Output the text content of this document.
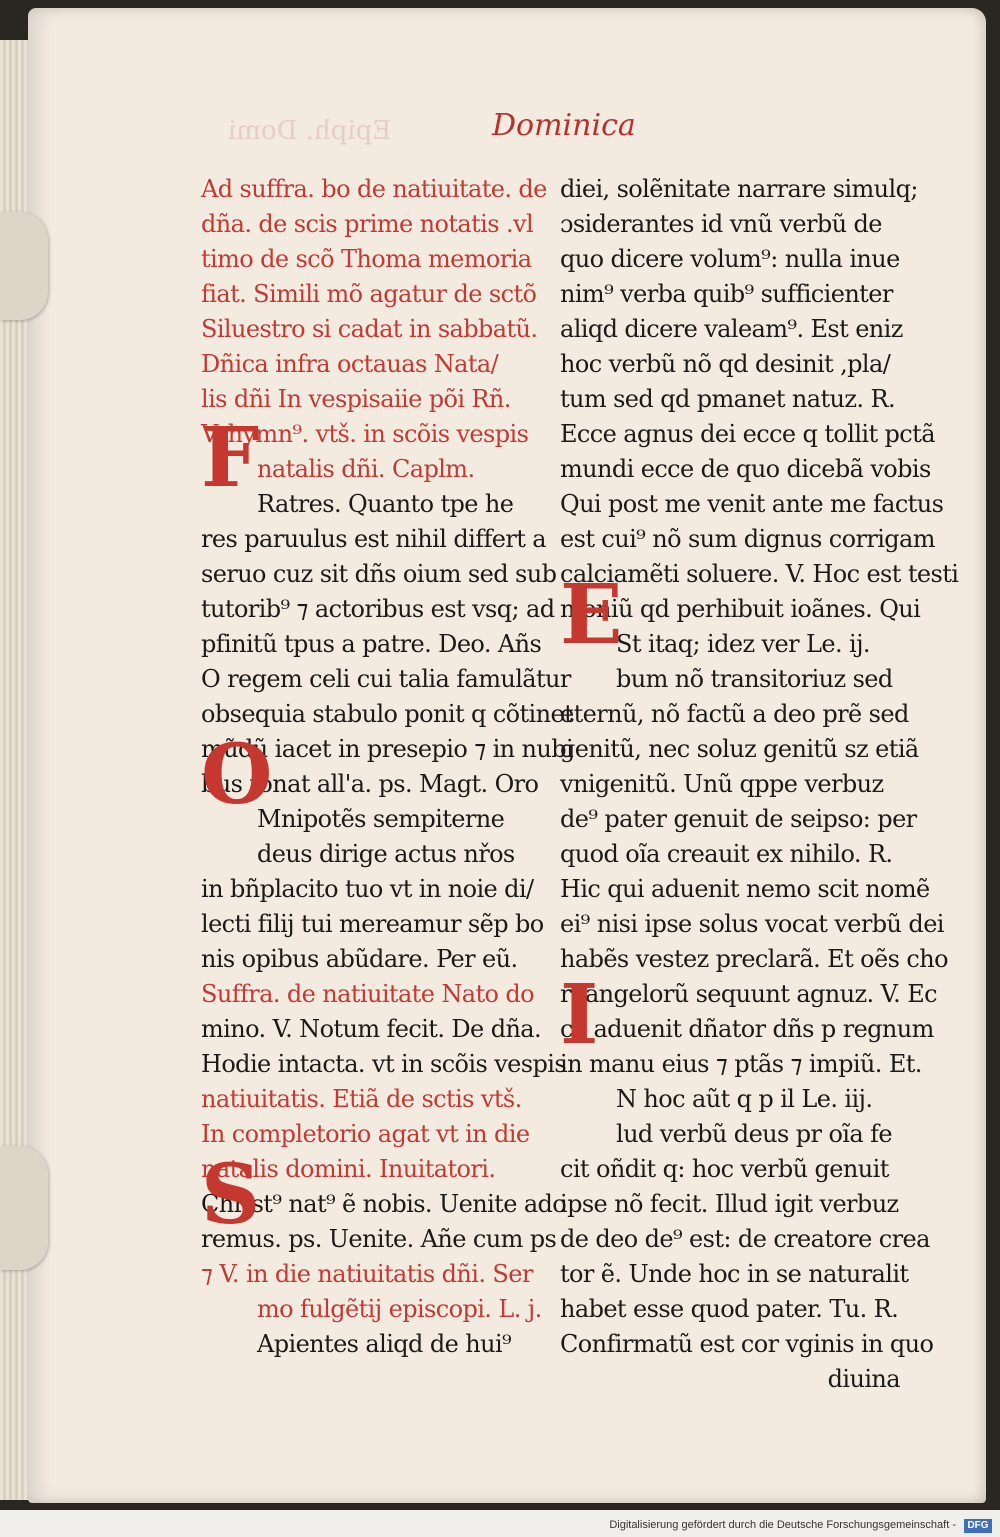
Epiph. Domi	Dominica
Ad suffra. bo de natiuitate. de
dña. de scis prime notatis .vl
timo de scõ Thoma memoria
fiat. Simili mõ agatur de sctõ
Siluestro si cadat in sabbatũ.
Dñica infra octauas Nata/
lis dñi In vespisaiie põi Rñ.
V. hymn⁹. vtš. in scõis vespis
natalis dñi. Caplm.
Ratres. Quanto tpe he
res paruulus est nihil differt a
seruo cuz sit dñs oium sed sub
tutorib⁹ ⁊ actoribus est vsq; ad
pfinitũ tpus a patre. Deo. Añs
O regem celi cui talia famulãtur
obsequia stabulo ponit q cõtinet
mũdũ iacet in presepio ⁊ in nubi
bus tonat all'a. ps. Magt. Oro
Mnipotẽs sempiterne
deus dirige actus nřos
in bñplacito tuo vt in noie di/
lecti filij tui mereamur sẽp bo
nis opibus abũdare. Per eũ.
Suffra. de natiuitate Nato do
mino. V. Notum fecit. De dña.
Hodie intacta. vt in scõis vespis
natiuitatis. Etiã de sctis vtš.
In completorio agat vt in die
natalis domini. Inuitatori.
Christ⁹ nat⁹ ẽ nobis. Uenite ado
remus. ps. Uenite. Añe cum ps
⁊ V. in die natiuitatis dñi. Ser
mo fulgẽtij episcopi. L. j.
Apientes aliqd de hui⁹
F
O
S
diei, solẽnitate narrare simulq;
ɔsiderantes id vnũ verbũ de
quo dicere volum⁹: nulla inue
nim⁹ verba quib⁹ sufficienter
aliqd dicere valeam⁹. Est eniz
hoc verbũ nõ qd desinit ,pla/
tum sed qd pmanet natuz. R.
Ecce agnus dei ecce q tollit pctã
mundi ecce de quo dicebã vobis
Qui post me venit ante me factus
est cui⁹ nõ sum dignus corrigam
calciamẽti soluere. V. Hoc est testi
moniũ qd perhibuit ioãnes. Qui
St itaq; idez ver Le. ij.
bum nõ transitoriuz sed
eternũ, nõ factũ a deo prẽ sed
genitũ, nec soluz genitũ sz etiã
vnigenitũ. Unũ qppe verbuz
de⁹ pater genuit de seipso: per
quod oĩa creauit ex nihilo. R.
Hic qui aduenit nemo scit nomẽ
ei⁹ nisi ipse solus vocat verbũ dei
habẽs vestez preclarã. Et oẽs cho
ri angelorũ sequunt agnuz. V. Ec
ce aduenit dñator dñs p regnum
in manu eius ⁊ ptãs ⁊ impiũ. Et.
N hoc aũt q p il Le. iij.
lud verbũ deus pr oĩa fe
cit oñdit q: hoc verbũ genuit
ipse nõ fecit. Illud igit verbuz
de deo de⁹ est: de creatore crea
tor ẽ. Unde hoc in se naturalit
habet esse quod pater. Tu. R.
Confirmatũ est cor vginis in quo
diuina
E
I
Digitalisierung gefördert durch die Deutsche Forschungsgemeinschaft -	DFG
